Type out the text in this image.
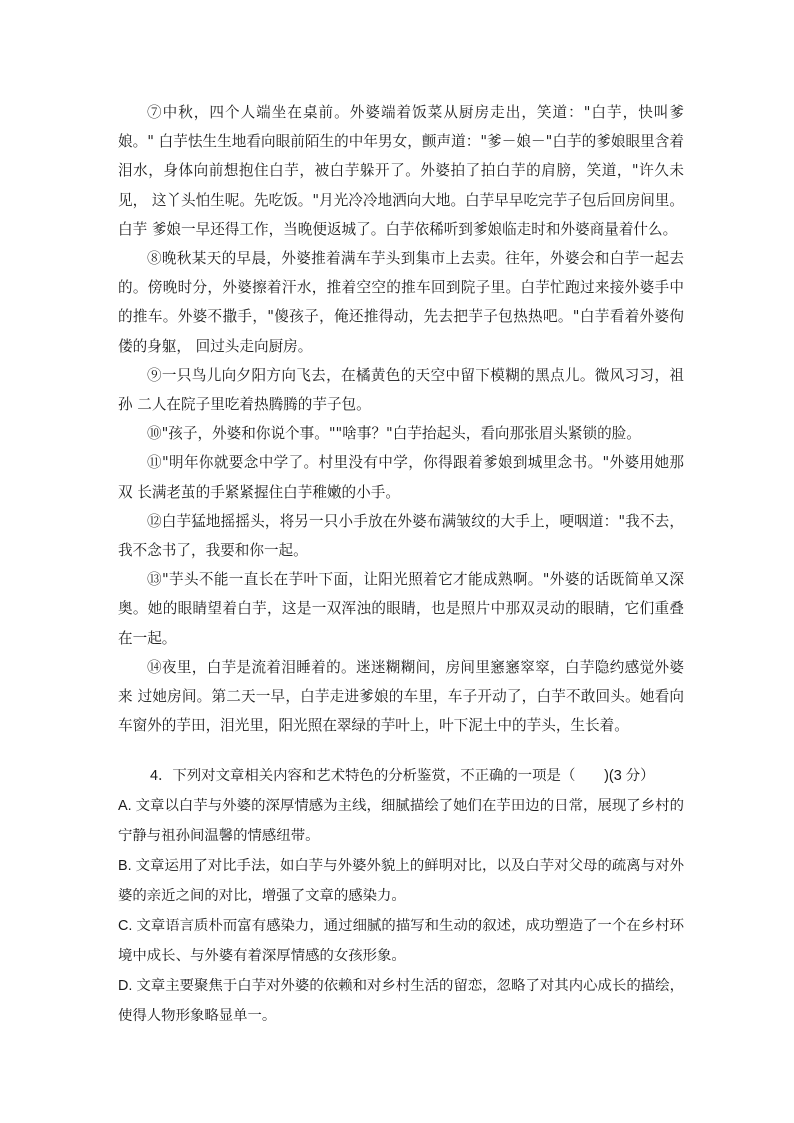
⑦中秋，四个人端坐在桌前。外婆端着饭菜从厨房走出，笑道："白芋，快叫爹娘。" 白芋怯生生地看向眼前陌生的中年男女，颤声道："爹－娘－"白芋的爹娘眼里含着泪水，身体向前想抱住白芋，被白芋躲开了。外婆拍了拍白芋的肩膀，笑道，"许久未见， 这丫头怕生呢。先吃饭。"月光冷冷地洒向大地。白芋早早吃完芋子包后回房间里。白芋 爹娘一早还得工作，当晚便返城了。白芋依稀听到爹娘临走时和外婆商量着什么。

⑧晚秋某天的早晨，外婆推着满车芋头到集市上去卖。往年，外婆会和白芋一起去的。傍晚时分，外婆擦着汗水，推着空空的推车回到院子里。白芋忙跑过来接外婆手中的推车。外婆不撒手，"傻孩子，俺还推得动，先去把芋子包热热吧。"白芋看着外婆佝偻的身躯， 回过头走向厨房。

⑨一只鸟儿向夕阳方向飞去，在橘黄色的天空中留下模糊的黑点儿。微风习习，祖孙 二人在院子里吃着热腾腾的芋子包。

⑩"孩子，外婆和你说个事。""啥事？"白芋抬起头，看向那张眉头紧锁的脸。

⑪"明年你就要念中学了。村里没有中学，你得跟着爹娘到城里念书。"外婆用她那双 长满老茧的手紧紧握住白芋稚嫩的小手。

⑫白芋猛地摇摇头，将另一只小手放在外婆布满皱纹的大手上，哽咽道："我不去， 我不念书了，我要和你一起。

⑬"芋头不能一直长在芋叶下面，让阳光照着它才能成熟啊。"外婆的话既简单又深奥。她的眼睛望着白芋，这是一双浑浊的眼睛，也是照片中那双灵动的眼睛，它们重叠在一起。

⑭夜里，白芋是流着泪睡着的。迷迷糊糊间，房间里窸窸窣窣，白芋隐约感觉外婆来 过她房间。第二天一早，白芋走进爹娘的车里，车子开动了，白芋不敢回头。她看向车窗外的芋田，泪光里，阳光照在翠绿的芋叶上，叶下泥土中的芋头，生长着。

4．下列对文章相关内容和艺术特色的分析鉴赏，不正确的一项是（　　)(3 分）

A. 文章以白芋与外婆的深厚情感为主线，细腻描绘了她们在芋田边的日常，展现了乡村的宁静与祖孙间温馨的情感纽带。

B. 文章运用了对比手法，如白芋与外婆外貌上的鲜明对比，以及白芋对父母的疏离与对外婆的亲近之间的对比，增强了文章的感染力。

C. 文章语言质朴而富有感染力，通过细腻的描写和生动的叙述，成功塑造了一个在乡村环境中成长、与外婆有着深厚情感的女孩形象。

D. 文章主要聚焦于白芋对外婆的依赖和对乡村生活的留恋，忽略了对其内心成长的描绘，使得人物形象略显单一。
